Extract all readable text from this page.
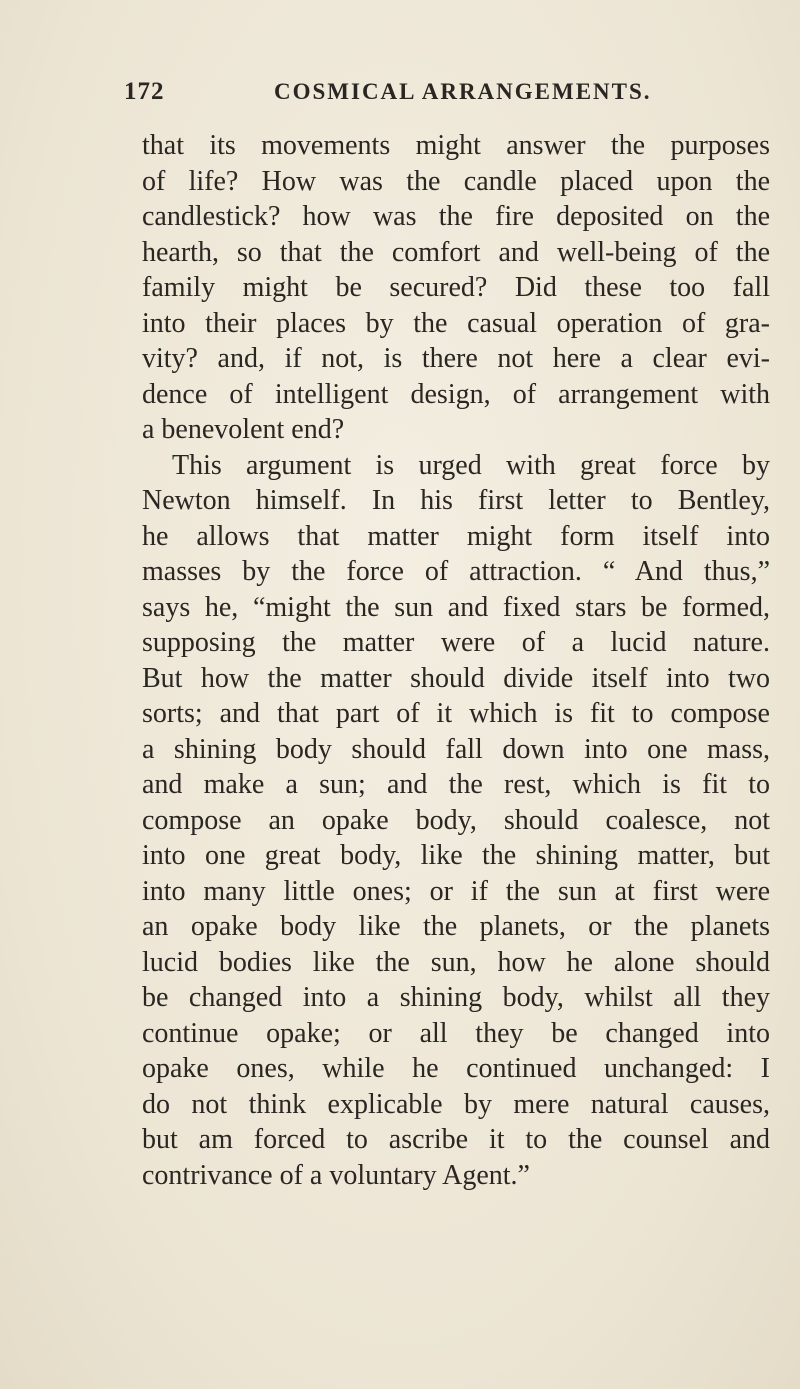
172	COSMICAL ARRANGEMENTS.
that its movements might answer the purposes
of life? How was the candle placed upon the
candlestick? how was the fire deposited on the
hearth, so that the comfort and well-being of the
family might be secured? Did these too fall
into their places by the casual operation of gra-
vity? and, if not, is there not here a clear evi-
dence of intelligent design, of arrangement with
a benevolent end?
This argument is urged with great force by
Newton himself. In his first letter to Bentley,
he allows that matter might form itself into
masses by the force of attraction. “ And thus,”
says he, “might the sun and fixed stars be formed,
supposing the matter were of a lucid nature.
But how the matter should divide itself into two
sorts; and that part of it which is fit to compose
a shining body should fall down into one mass,
and make a sun; and the rest, which is fit to
compose an opake body, should coalesce, not
into one great body, like the shining matter, but
into many little ones; or if the sun at first were
an opake body like the planets, or the planets
lucid bodies like the sun, how he alone should
be changed into a shining body, whilst all they
continue opake; or all they be changed into
opake ones, while he continued unchanged: I
do not think explicable by mere natural causes,
but am forced to ascribe it to the counsel and
contrivance of a voluntary Agent.”
